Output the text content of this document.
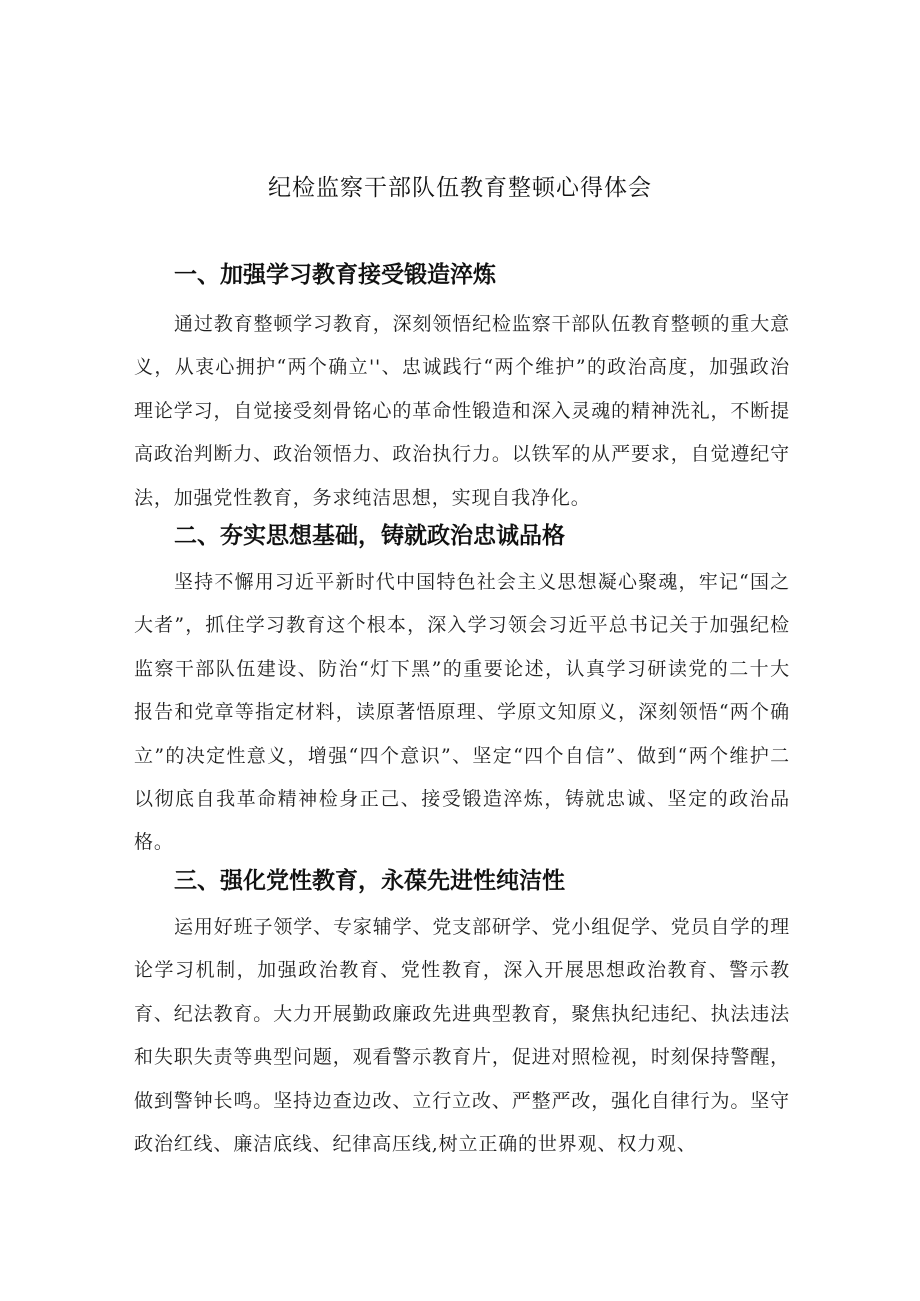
纪检监察干部队伍教育整顿心得体会
一、加强学习教育接受锻造淬炼

通过教育整顿学习教育，深刻领悟纪检监察干部队伍教育整顿的重大意义，从衷心拥护“两个确立''、忠诚践行“两个维护”的政治高度，加强政治理论学习，自觉接受刻骨铭心的革命性锻造和深入灵魂的精神洗礼，不断提高政治判断力、政治领悟力、政治执行力。以铁军的从严要求，自觉遵纪守法，加强党性教育，务求纯洁思想，实现自我净化。

二、夯实思想基础，铸就政治忠诚品格

坚持不懈用习近平新时代中国特色社会主义思想凝心聚魂，牢记“国之大者”，抓住学习教育这个根本，深入学习领会习近平总书记关于加强纪检监察干部队伍建设、防治“灯下黑”的重要论述，认真学习研读党的二十大报告和党章等指定材料，读原著悟原理、学原文知原义，深刻领悟“两个确立”的决定性意义，增强“四个意识”、坚定“四个自信”、做到“两个维护二以彻底自我革命精神检身正己、接受锻造淬炼，铸就忠诚、坚定的政治品格。

三、强化党性教育，永葆先进性纯洁性

运用好班子领学、专家辅学、党支部研学、党小组促学、党员自学的理论学习机制，加强政治教育、党性教育，深入开展思想政治教育、警示教育、纪法教育。大力开展勤政廉政先进典型教育，聚焦执纪违纪、执法违法和失职失责等典型问题，观看警示教育片，促进对照检视，时刻保持警醒，做到警钟长鸣。坚持边查边改、立行立改、严整严改，强化自律行为。坚守政治红线、廉洁底线、纪律高压线,树立正确的世界观、权力观、
